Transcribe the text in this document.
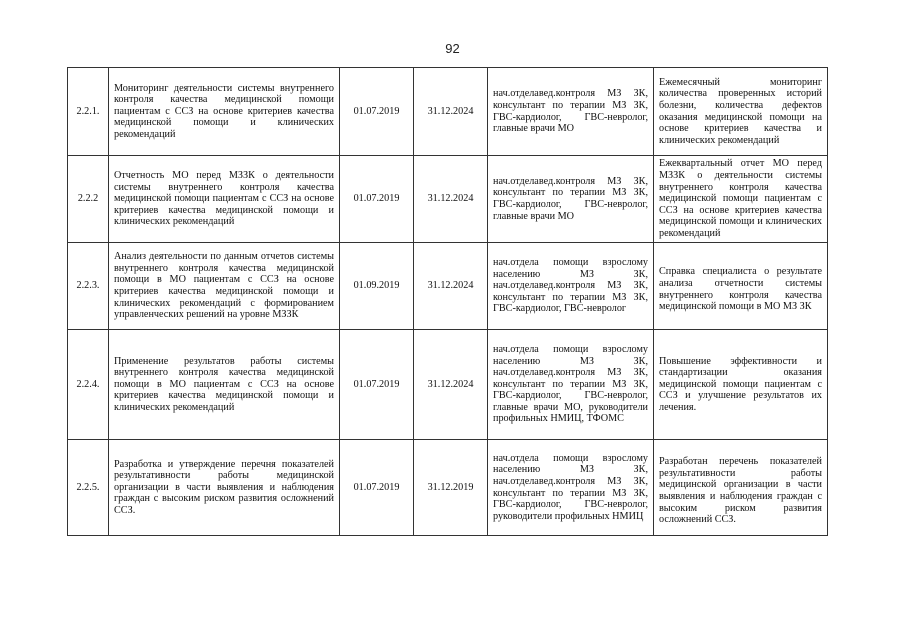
92
2.2.1.	Мониторинг деятельности системы внутреннего контроля качества медицинской помощи пациентам с ССЗ на основе критериев качества медицинской помощи и клинических рекомендаций	01.07.2019	31.12.2024	нач.отделавед.контроля МЗ ЗК, консультант по терапии МЗ ЗК, ГВС-кардиолог, ГВС-невролог, главные врачи МО	Ежемесячный мониторинг количества проверенных историй болезни, количества дефектов оказания медицинской помощи на основе критериев качества и клинических рекомендаций

2.2.2	Отчетность МО перед МЗЗК о деятельности системы внутреннего контроля качества медицинской помощи пациентам с ССЗ на основе критериев качества медицинской помощи и клинических рекомендаций	01.07.2019	31.12.2024	нач.отделавед.контроля МЗ ЗК, консультант по терапии МЗ ЗК, ГВС-кардиолог, ГВС-невролог, главные врачи МО	Ежеквартальный отчет МО перед МЗЗК о деятельности системы внутреннего контроля качества медицинской помощи пациентам с ССЗ на основе критериев качества медицинской помощи и клинических рекомендаций

2.2.3.	Анализ деятельности по данным отчетов системы внутреннего контроля качества медицинской помощи в МО пациентам с ССЗ на основе критериев качества медицинской помощи и клинических рекомендаций с формированием управленческих решений на уровне МЗЗК	01.09.2019	31.12.2024	нач.отдела помощи взрослому населению МЗ ЗК, нач.отделавед.контроля МЗ ЗК, консультант по терапии МЗ ЗК, ГВС-кардиолог, ГВС-невролог	Справка специалиста о результате анализа отчетности системы внутреннего контроля качества медицинской помощи в МО МЗ ЗК

2.2.4.	Применение результатов работы системы внутреннего контроля качества медицинской помощи в МО пациентам с ССЗ на основе критериев качества медицинской помощи и клинических рекомендаций	01.07.2019	31.12.2024	нач.отдела помощи взрослому населению МЗ ЗК, нач.отделавед.контроля МЗ ЗК, консультант по терапии МЗ ЗК, ГВС-кардиолог, ГВС-невролог, главные врачи МО, руководители профильных НМИЦ, ТФОМС	Повышение эффективности и стандартизации оказания медицинской помощи пациентам с ССЗ и улучшение результатов их лечения.

2.2.5.	Разработка и утверждение перечня показателей результативности работы медицинской организации в части выявления и наблюдения граждан с высоким риском развития осложнений ССЗ.	01.07.2019	31.12.2019	нач.отдела помощи взрослому населению МЗ ЗК, нач.отделавед.контроля МЗ ЗК, консультант по терапии МЗ ЗК, ГВС-кардиолог, ГВС-невролог, руководители профильных НМИЦ	Разработан перечень показателей результативности работы медицинской организации в части выявления и наблюдения граждан с высоким риском развития осложнений ССЗ.
